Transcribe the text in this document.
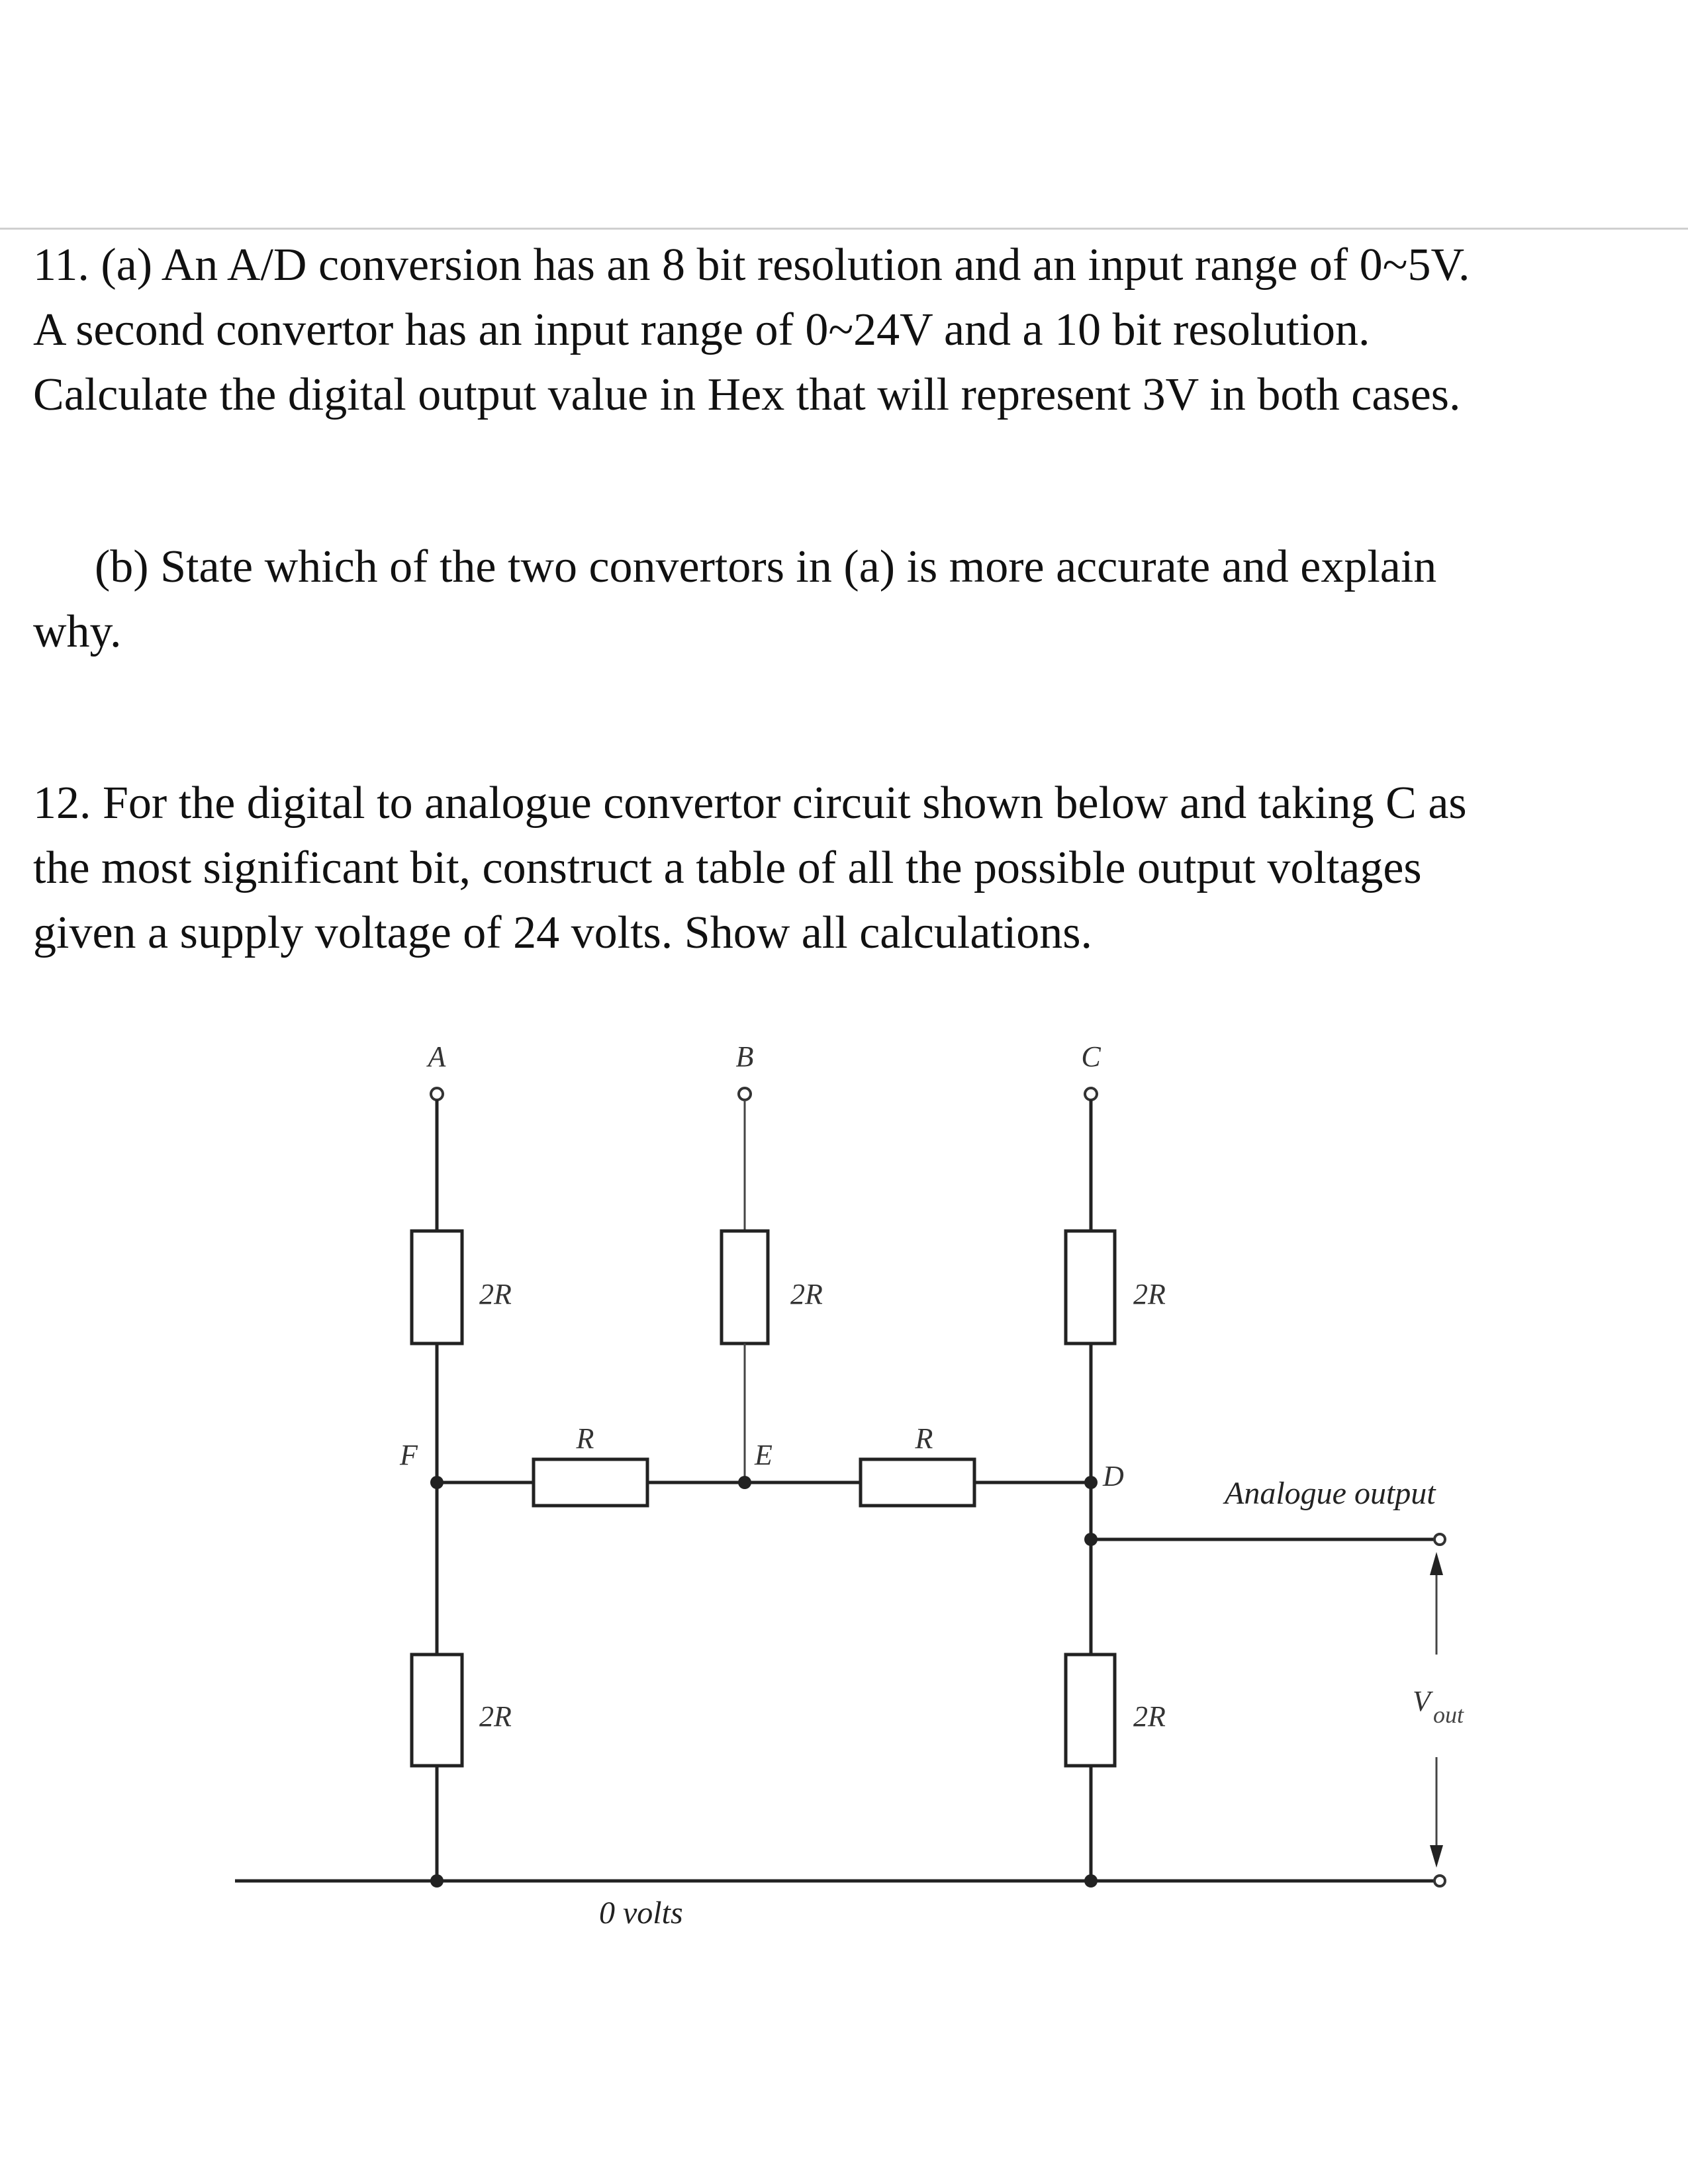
11. (a) An A/D conversion has an 8 bit resolution and an input range of 0~5V.
A second convertor has an input range of 0~24V and a 10 bit resolution.
Calculate the digital output value in Hex that will represent 3V in both cases.
(b) State which of the two convertors in (a) is more accurate and explain
why.
12. For the digital to analogue convertor circuit shown below and taking C as
the most significant bit, construct a table of all the possible output voltages
given a supply voltage of 24 volts. Show all calculations.
A	B	C
2R	2R	2R
R	R
F	E
D	Analogue output
2R	2R
0 volts
V out
